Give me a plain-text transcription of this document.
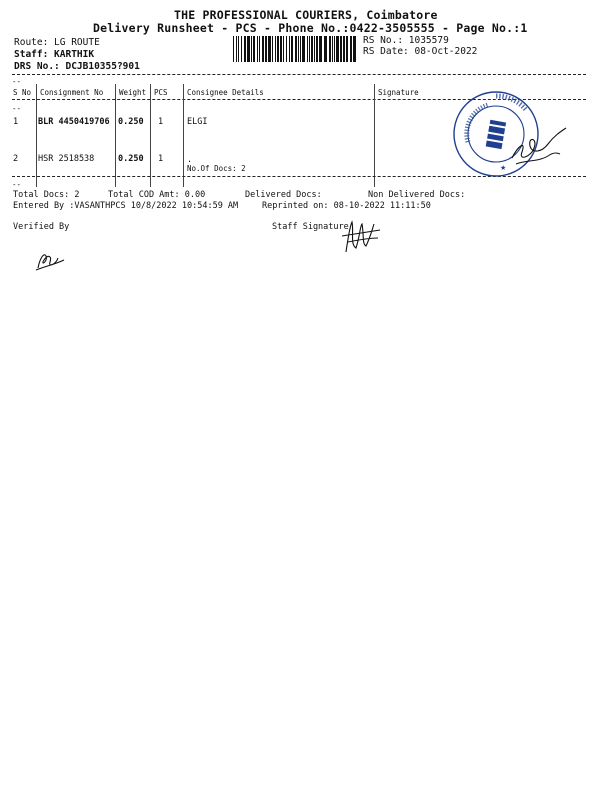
THE PROFESSIONAL COURIERS, Coimbatore
Delivery Runsheet - PCS - Phone No.:0422-3505555 - Page No.:1
Route: LG ROUTE
Staff: KARTHIK
DRS No.: DCJB10355?901
RS No.: 1035579
RS Date: 08-Oct-2022
--
S No Consignment No Weight PCS	Consignee Details	Signature
--
1 BLR 4450419706 0.250 1	ELGI
2 HSR 2518538	0.250 1	.
No.Of Docs: 2
--
Total Docs: 2	Total COD Amt: 0.00	Delivered Docs:	Non Delivered Docs:
Entered By :VASANTHPCS 10/8/2022 10:54:59 AM	Reprinted on: 08-10-2022 11:11:50
Verified By	Staff Signature
★
